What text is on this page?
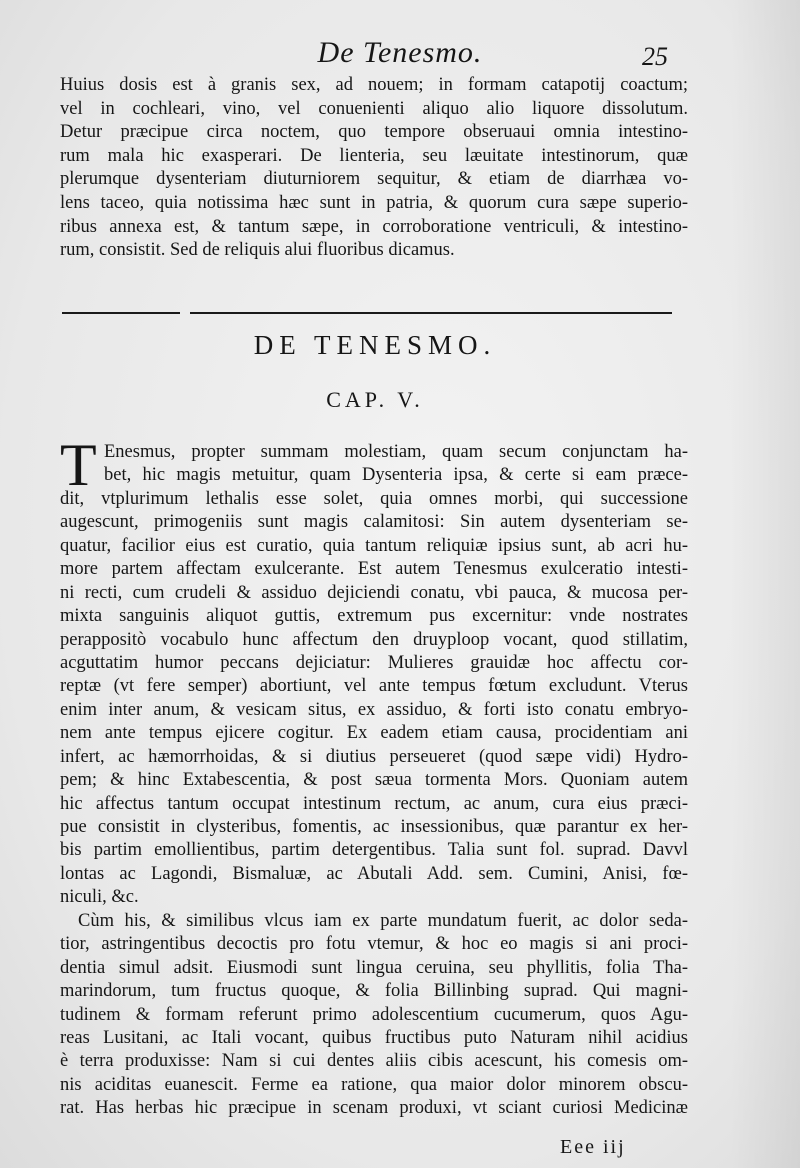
De Tenesmo.	25
Huius dosis est à granis sex, ad nouem; in formam catapotij coactum;
vel in cochleari, vino, vel conuenienti aliquo alio liquore dissolutum.
Detur præcipue circa noctem, quo tempore obseruaui omnia intestino-
rum mala hic exasperari. De lienteria, seu læuitate intestinorum, quæ
plerumque dysenteriam diuturniorem sequitur, & etiam de diarrhæa vo-
lens taceo, quia notissima hæc sunt in patria, & quorum cura sæpe superio-
ribus annexa est, & tantum sæpe, in corroboratione ventriculi, & intestino-
rum, consistit. Sed de reliquis alui fluoribus dicamus.
DE TENESMO.
CAP. V.
T Enesmus, propter summam molestiam, quam secum conjunctam ha-
bet, hic magis metuitur, quam Dysenteria ipsa, & certe si eam præce-
dit, vtplurimum lethalis esse solet, quia omnes morbi, qui successione
augescunt, primogeniis sunt magis calamitosi: Sin autem dysenteriam se-
quatur, facilior eius est curatio, quia tantum reliquiæ ipsius sunt, ab acri hu-
more partem affectam exulcerante. Est autem Tenesmus exulceratio intesti-
ni recti, cum crudeli & assiduo dejiciendi conatu, vbi pauca, & mucosa per-
mixta sanguinis aliquot guttis, extremum pus excernitur: vnde nostrates
perappositò vocabulo hunc affectum den druyploop vocant, quod stillatim,
acguttatim humor peccans dejiciatur: Mulieres grauidæ hoc affectu cor-
reptæ (vt fere semper) abortiunt, vel ante tempus fœtum excludunt. Vterus
enim inter anum, & vesicam situs, ex assiduo, & forti isto conatu embryo-
nem ante tempus ejicere cogitur. Ex eadem etiam causa, procidentiam ani
infert, ac hæmorrhoidas, & si diutius perseueret (quod sæpe vidi) Hydro-
pem; & hinc Extabescentia, & post sæua tormenta Mors. Quoniam autem
hic affectus tantum occupat intestinum rectum, ac anum, cura eius præci-
pue consistit in clysteribus, fomentis, ac insessionibus, quæ parantur ex her-
bis partim emollientibus, partim detergentibus. Talia sunt fol. suprad. Davvl
lontas ac Lagondi, Bismaluæ, ac Abutali Add. sem. Cumini, Anisi, fœ-
niculi, &c.
Cùm his, & similibus vlcus iam ex parte mundatum fuerit, ac dolor seda-
tior, astringentibus decoctis pro fotu vtemur, & hoc eo magis si ani proci-
dentia simul adsit. Eiusmodi sunt lingua ceruina, seu phyllitis, folia Tha-
marindorum, tum fructus quoque, & folia Billinbing suprad. Qui magni-
tudinem & formam referunt primo adolescentium cucumerum, quos Agu-
reas Lusitani, ac Itali vocant, quibus fructibus puto Naturam nihil acidius
è terra produxisse: Nam si cui dentes aliis cibis acescunt, his comesis om-
nis aciditas euanescit. Ferme ea ratione, qua maior dolor minorem obscu-
rat. Has herbas hic præcipue in scenam produxi, vt sciant curiosi Medicinæ
Eee iij
